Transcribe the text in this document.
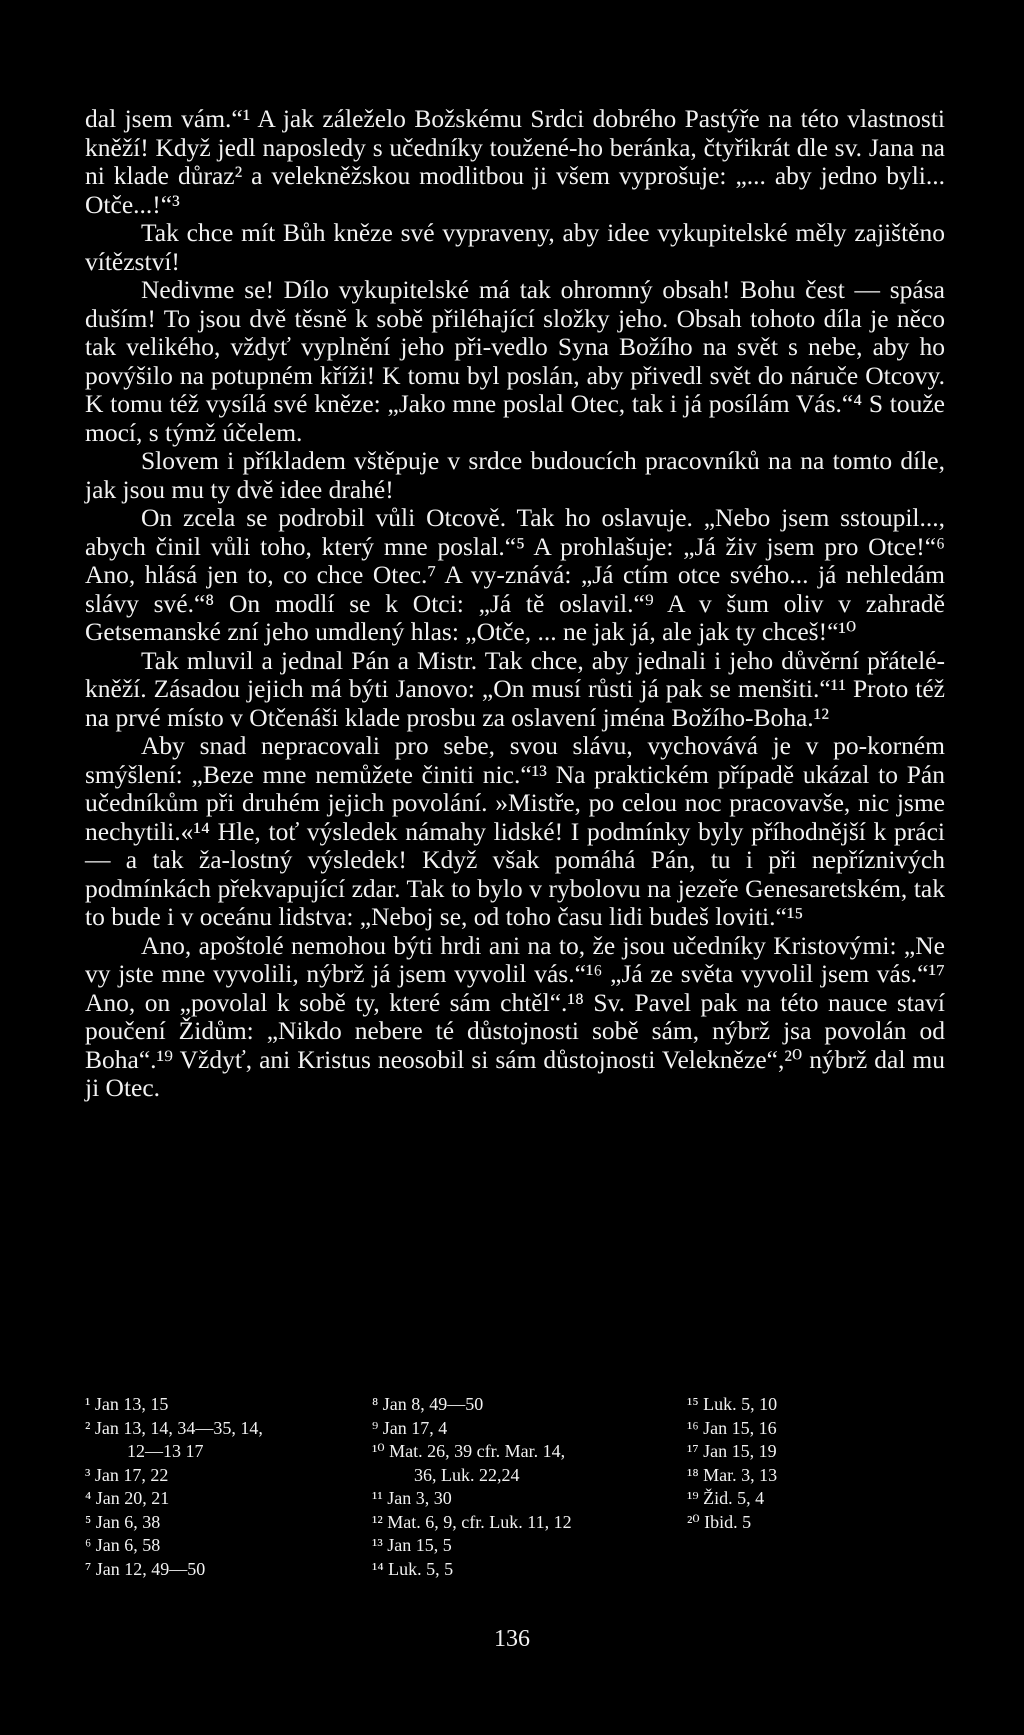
dal jsem vám.“¹ A jak záleželo Božskému Srdci dobrého Pastýře na této vlastnosti kněží! Když jedl naposledy s učedníky toužené-ho beránka, čtyřikrát dle sv. Jana na ni klade důraz² a velekněžskou modlitbou ji všem vyprošuje: „... aby jedno byli... Otče...!“³

Tak chce mít Bůh kněze své vypraveny, aby idee vykupitelské měly zajištěno vítězství!

Nedivme se! Dílo vykupitelské má tak ohromný obsah! Bohu čest — spása duším! To jsou dvě těsně k sobě přiléhající složky jeho. Obsah tohoto díla je něco tak velikého, vždyť vyplnění jeho při-vedlo Syna Božího na svět s nebe, aby ho povýšilo na potupném kříži! K tomu byl poslán, aby přivedl svět do náruče Otcovy. K tomu též vysílá své kněze: „Jako mne poslal Otec, tak i já posílám Vás.“⁴ S touže mocí, s týmž účelem.

Slovem i příkladem vštěpuje v srdce budoucích pracovníků na na tomto díle, jak jsou mu ty dvě idee drahé!

On zcela se podrobil vůli Otcově. Tak ho oslavuje. „Nebo jsem sstoupil..., abych činil vůli toho, který mne poslal.“⁵ A prohlašuje: „Já živ jsem pro Otce!“⁶ Ano, hlásá jen to, co chce Otec.⁷ A vy-znává: „Já ctím otce svého... já nehledám slávy své.“⁸ On modlí se k Otci: „Já tě oslavil.“⁹ A v šum oliv v zahradě Getsemanské zní jeho umdlený hlas: „Otče, ... ne jak já, ale jak ty chceš!“¹⁰

Tak mluvil a jednal Pán a Mistr. Tak chce, aby jednali i jeho důvěrní přátelé-kněží. Zásadou jejich má býti Janovo: „On musí růsti já pak se menšiti.“¹¹ Proto též na prvé místo v Otčenáši klade prosbu za oslavení jména Božího-Boha.¹²

Aby snad nepracovali pro sebe, svou slávu, vychovává je v po-korném smýšlení: „Beze mne nemůžete činiti nic.“¹³ Na praktickém případě ukázal to Pán učedníkům při druhém jejich povolání. »Mistře, po celou noc pracovavše, nic jsme nechytili.«¹⁴ Hle, toť výsledek námahy lidské! I podmínky byly příhodnější k práci — a tak ža-lostný výsledek! Když však pomáhá Pán, tu i při nepříznivých podmínkách překvapující zdar. Tak to bylo v rybolovu na jezeře Genesaretském, tak to bude i v oceánu lidstva: „Neboj se, od toho času lidi budeš loviti.“¹⁵

Ano, apoštolé nemohou býti hrdi ani na to, že jsou učedníky Kristovými: „Ne vy jste mne vyvolili, nýbrž já jsem vyvolil vás.“¹⁶ „Já ze světa vyvolil jsem vás.“¹⁷ Ano, on „povolal k sobě ty, které sám chtěl“.¹⁸ Sv. Pavel pak na této nauce staví poučení Židům: „Nikdo nebere té důstojnosti sobě sám, nýbrž jsa povolán od Boha“.¹⁹ Vždyť, ani Kristus neosobil si sám důstojnosti Velekněze“,²⁰ nýbrž dal mu ji Otec.

¹ Jan 13, 15
² Jan 13, 14, 34—35, 14,
12—13 17
³ Jan 17, 22
⁴ Jan 20, 21
⁵ Jan 6, 38
⁶ Jan 6, 58
⁷ Jan 12, 49—50
⁸ Jan 8, 49—50
⁹ Jan 17, 4
¹⁰ Mat. 26, 39 cfr. Mar. 14,
36, Luk. 22,24
¹¹ Jan 3, 30
¹² Mat. 6, 9, cfr. Luk. 11, 12
¹³ Jan 15, 5
¹⁴ Luk. 5, 5
¹⁵ Luk. 5, 10
¹⁶ Jan 15, 16
¹⁷ Jan 15, 19
¹⁸ Mar. 3, 13
¹⁹ Žid. 5, 4
²⁰ Ibid. 5
136
